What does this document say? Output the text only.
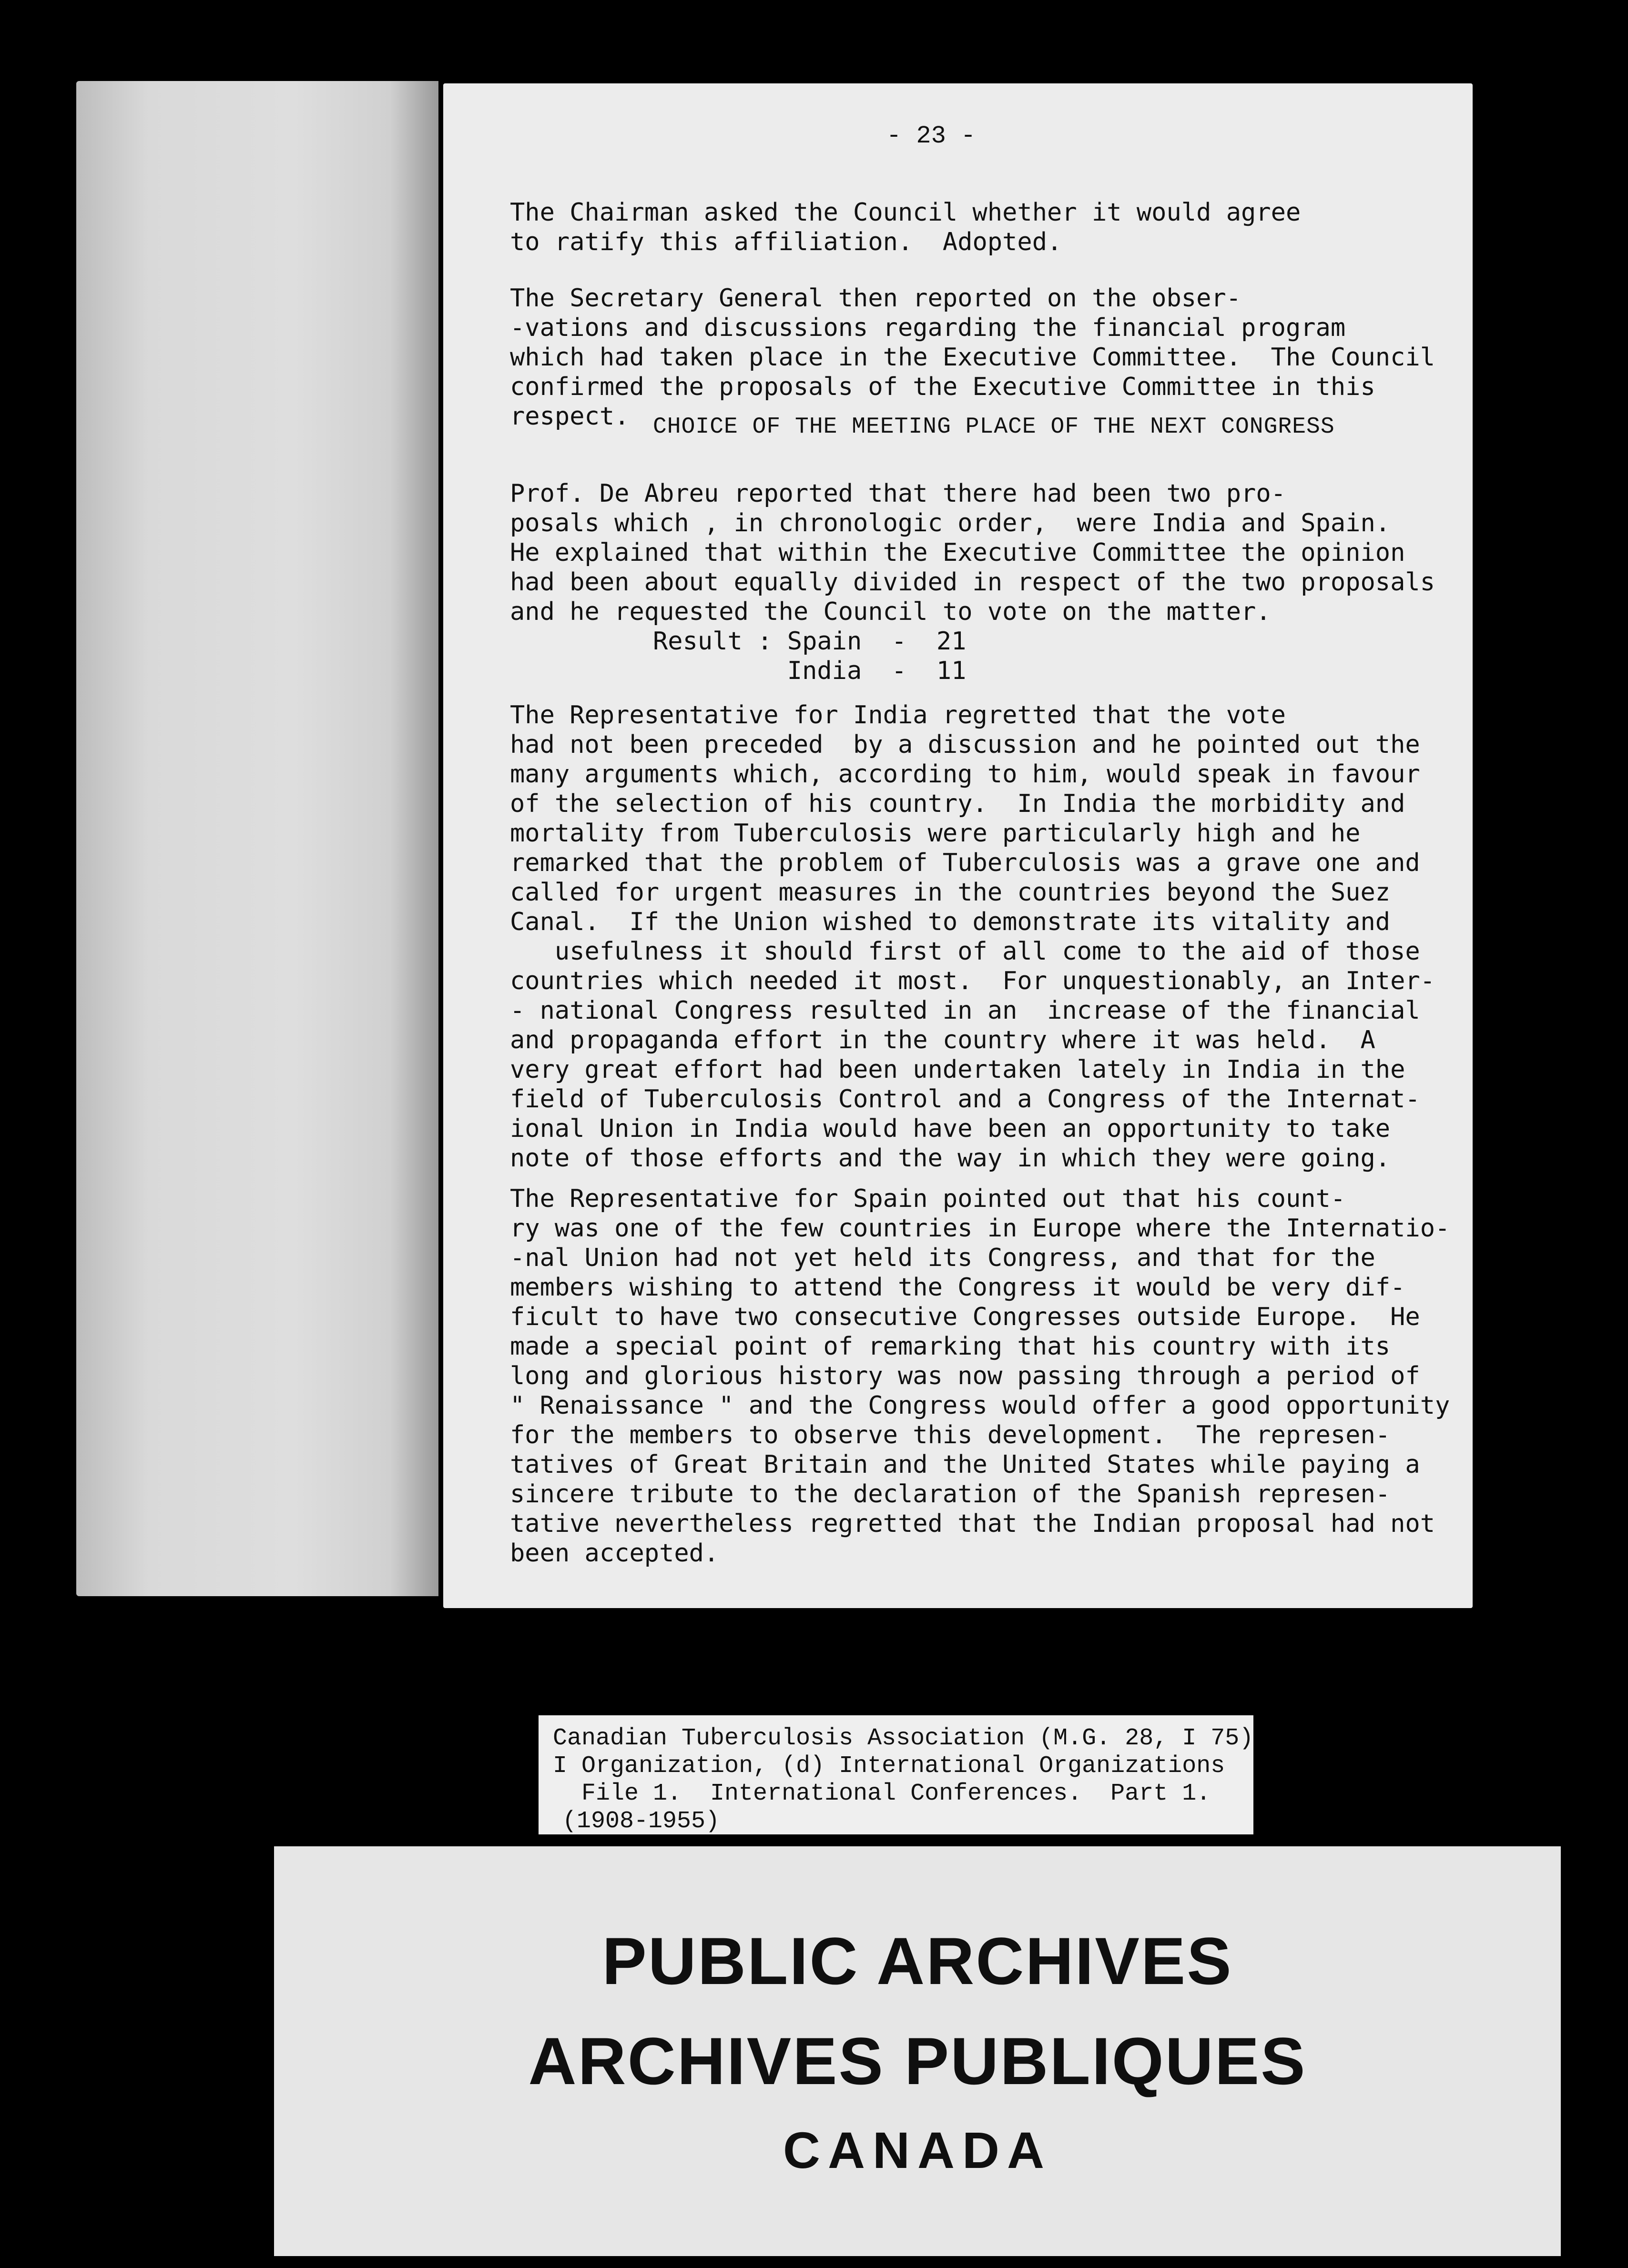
- 23 -
The Chairman asked the Council whether it would agree
to ratify this affiliation.  Adopted.
The Secretary General then reported on the obser-
-vations and discussions regarding the financial program
which had taken place in the Executive Committee.  The Council
confirmed the proposals of the Executive Committee in this
respect.	CHOICE OF THE MEETING PLACE OF THE NEXT CONGRESS
Prof. De Abreu reported that there had been two pro-
posals which , in chronologic order,  were India and Spain.
He explained that within the Executive Committee the opinion
had been about equally divided in respect of the two proposals
and he requested the Council to vote on the matter.
Result : Spain  -  21
India  -  11
The Representative for India regretted that the vote
had not been preceded  by a discussion and he pointed out the
many arguments which, according to him, would speak in favour
of the selection of his country.  In India the morbidity and
mortality from Tuberculosis were particularly high and he
remarked that the problem of Tuberculosis was a grave one and
called for urgent measures in the countries beyond the Suez
Canal.  If the Union wished to demonstrate its vitality and
usefulness it should first of all come to the aid of those
countries which needed it most.  For unquestionably, an Inter-
- national Congress resulted in an  increase of the financial
and propaganda effort in the country where it was held.  A
very great effort had been undertaken lately in India in the
field of Tuberculosis Control and a Congress of the Internat-
ional Union in India would have been an opportunity to take
note of those efforts and the way in which they were going.
The Representative for Spain pointed out that his count-
ry was one of the few countries in Europe where the Internatio-
-nal Union had not yet held its Congress, and that for the
members wishing to attend the Congress it would be very dif-
ficult to have two consecutive Congresses outside Europe.  He
made a special point of remarking that his country with its
long and glorious history was now passing through a period of
" Renaissance " and the Congress would offer a good opportunity
for the members to observe this development.  The represen-
tatives of Great Britain and the United States while paying a
sincere tribute to the declaration of the Spanish represen-
tative nevertheless regretted that the Indian proposal had not
been accepted.
Canadian Tuberculosis Association (M.G. 28, I 75)
I Organization, (d) International Organizations
File 1.  International Conferences.  Part 1.
(1908-1955)
PUBLIC ARCHIVES
ARCHIVES PUBLIQUES
CANADA
